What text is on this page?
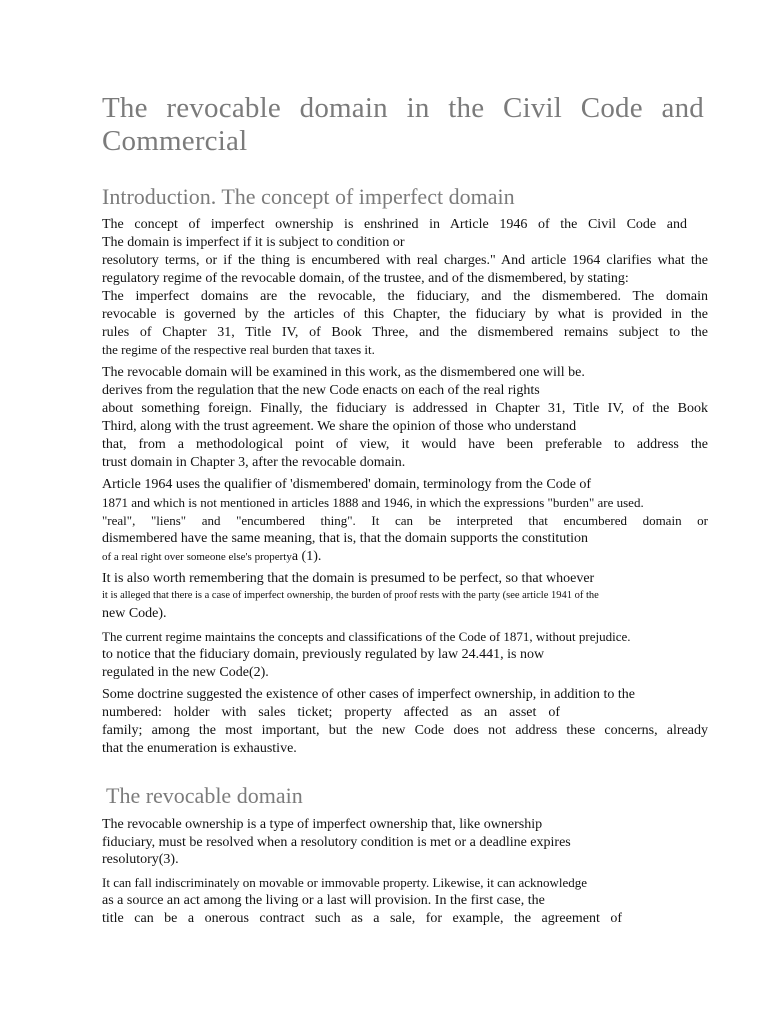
The revocable domain in the Civil Code and Commercial
Introduction. The concept of imperfect domain
The concept of imperfect ownership is enshrined in Article 1946 of the Civil Code and
The domain is imperfect if it is subject to condition or
resolutory terms, or if the thing is encumbered with real charges." And article 1964 clarifies what the
regulatory regime of the revocable domain, of the trustee, and of the dismembered, by stating:
The imperfect domains are the revocable, the fiduciary, and the dismembered. The domain
revocable is governed by the articles of this Chapter, the fiduciary by what is provided in the
rules of Chapter 31, Title IV, of Book Three, and the dismembered remains subject to the
the regime of the respective real burden that taxes it.
The revocable domain will be examined in this work, as the dismembered one will be.
derives from the regulation that the new Code enacts on each of the real rights
about something foreign. Finally, the fiduciary is addressed in Chapter 31, Title IV, of the Book
Third, along with the trust agreement. We share the opinion of those who understand
that, from a methodological point of view, it would have been preferable to address the
trust domain in Chapter 3, after the revocable domain.
Article 1964 uses the qualifier of 'dismembered' domain, terminology from the Code of
1871 and which is not mentioned in articles 1888 and 1946, in which the expressions "burden" are used.
"real", "liens" and "encumbered thing". It can be interpreted that encumbered domain or
dismembered have the same meaning, that is, that the domain supports the constitution
of a real right over someone else's propertya (1).
It is also worth remembering that the domain is presumed to be perfect, so that whoever
it is alleged that there is a case of imperfect ownership, the burden of proof rests with the party (see article 1941 of the
new Code).
The current regime maintains the concepts and classifications of the Code of 1871, without prejudice.
to notice that the fiduciary domain, previously regulated by law 24.441, is now
regulated in the new Code(2).
Some doctrine suggested the existence of other cases of imperfect ownership, in addition to the
numbered: holder with sales ticket; property affected as an asset of
family; among the most important, but the new Code does not address these concerns, already
that the enumeration is exhaustive.
The revocable domain
The revocable ownership is a type of imperfect ownership that, like ownership
fiduciary, must be resolved when a resolutory condition is met or a deadline expires
resolutory(3).
It can fall indiscriminately on movable or immovable property. Likewise, it can acknowledge
as a source an act among the living or a last will provision. In the first case, the
title can be a onerous contract such as a sale, for example, the agreement of
